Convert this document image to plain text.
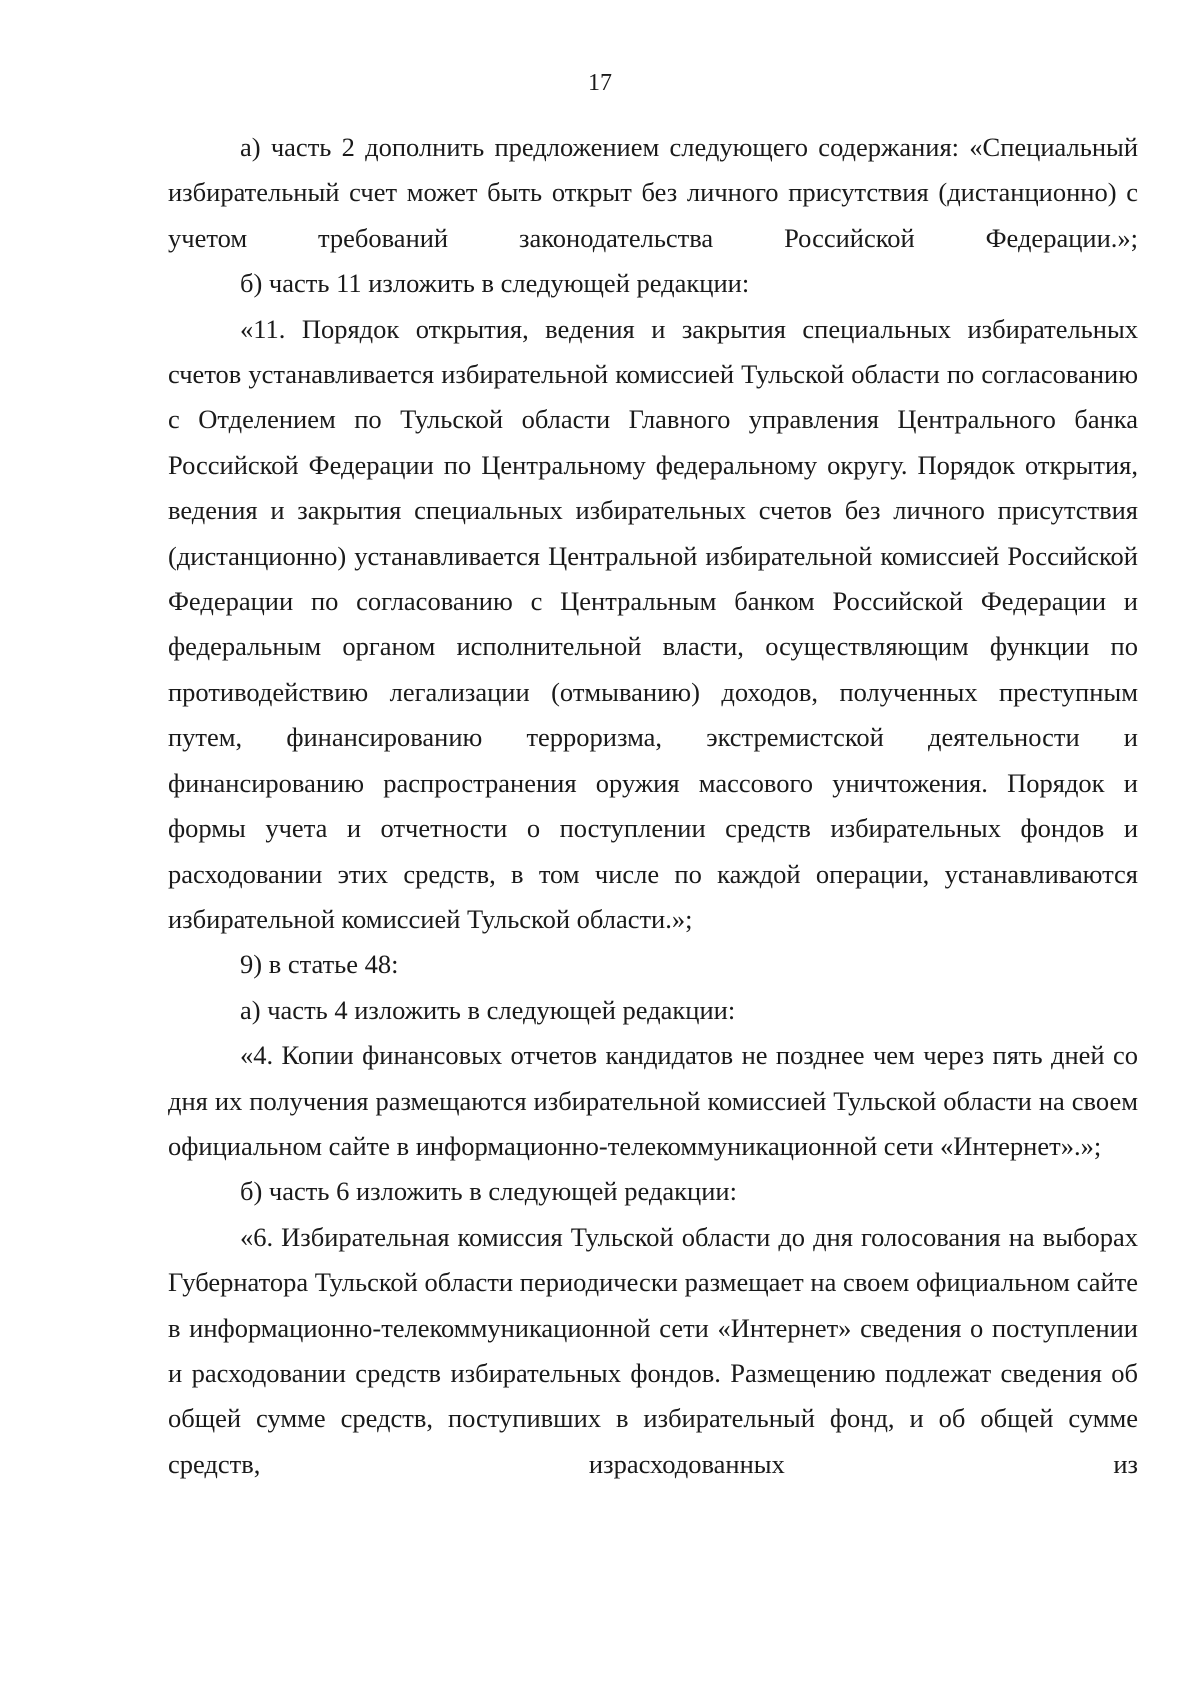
17

а) часть 2 дополнить предложением следующего содержания: «Специальный избирательный счет может быть открыт без личного присутствия (дистанционно) с учетом требований законодательства Российской Федерации.»;

б) часть 11 изложить в следующей редакции:

«11. Порядок открытия, ведения и закрытия специальных избирательных счетов устанавливается избирательной комиссией Тульской области по согласованию с Отделением по Тульской области Главного управления Центрального банка Российской Федерации по Центральному федеральному округу. Порядок открытия, ведения и закрытия специальных избирательных счетов без личного присутствия (дистанционно) устанавливается Центральной избирательной комиссией Российской Федерации по согласованию с Центральным банком Российской Федерации и федеральным органом исполнительной власти, осуществляющим функции по противодействию легализации (отмыванию) доходов, полученных преступным путем, финансированию терроризма, экстремистской деятельности и финансированию распространения оружия массового уничтожения. Порядок и формы учета и отчетности о поступлении средств избирательных фондов и расходовании этих средств, в том числе по каждой операции, устанавливаются избирательной комиссией Тульской области.»;

9) в статье 48:

а) часть 4 изложить в следующей редакции:

«4. Копии финансовых отчетов кандидатов не позднее чем через пять дней со дня их получения размещаются избирательной комиссией Тульской области на своем официальном сайте в информационно-телекоммуникационной сети «Интернет».»;

б) часть 6 изложить в следующей редакции:

«6. Избирательная комиссия Тульской области до дня голосования на выборах Губернатора Тульской области периодически размещает на своем официальном сайте в информационно-телекоммуникационной сети «Интернет» сведения о поступлении и расходовании средств избирательных фондов. Размещению подлежат сведения об общей сумме средств, поступивших в избирательный фонд, и об общей сумме средств, израсходованных из
